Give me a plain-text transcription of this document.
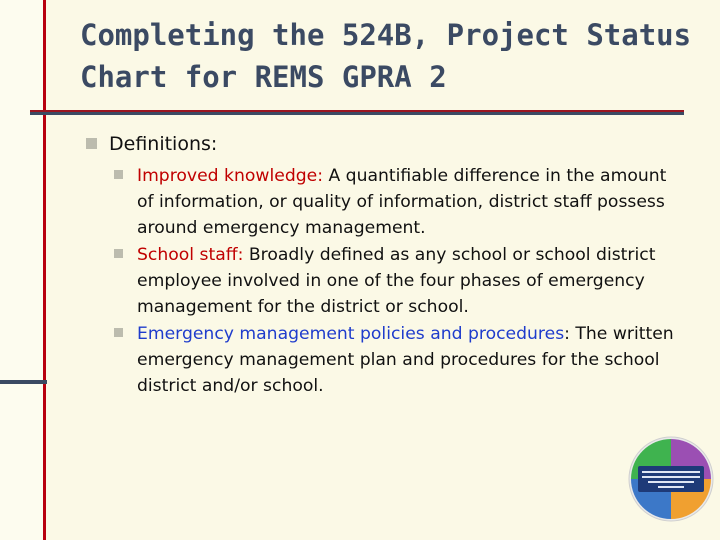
Completing the 524B, Project Status
Chart for REMS GPRA 2
Definitions:
Improved knowledge: A quantifiable difference in the amount of information, or quality of information, district staff possess around emergency management.
School staff: Broadly defined as any school or school district employee involved in one of the four phases of emergency management for the district or school.
Emergency management policies and procedures: The written emergency management plan and procedures for the school district and/or school.
